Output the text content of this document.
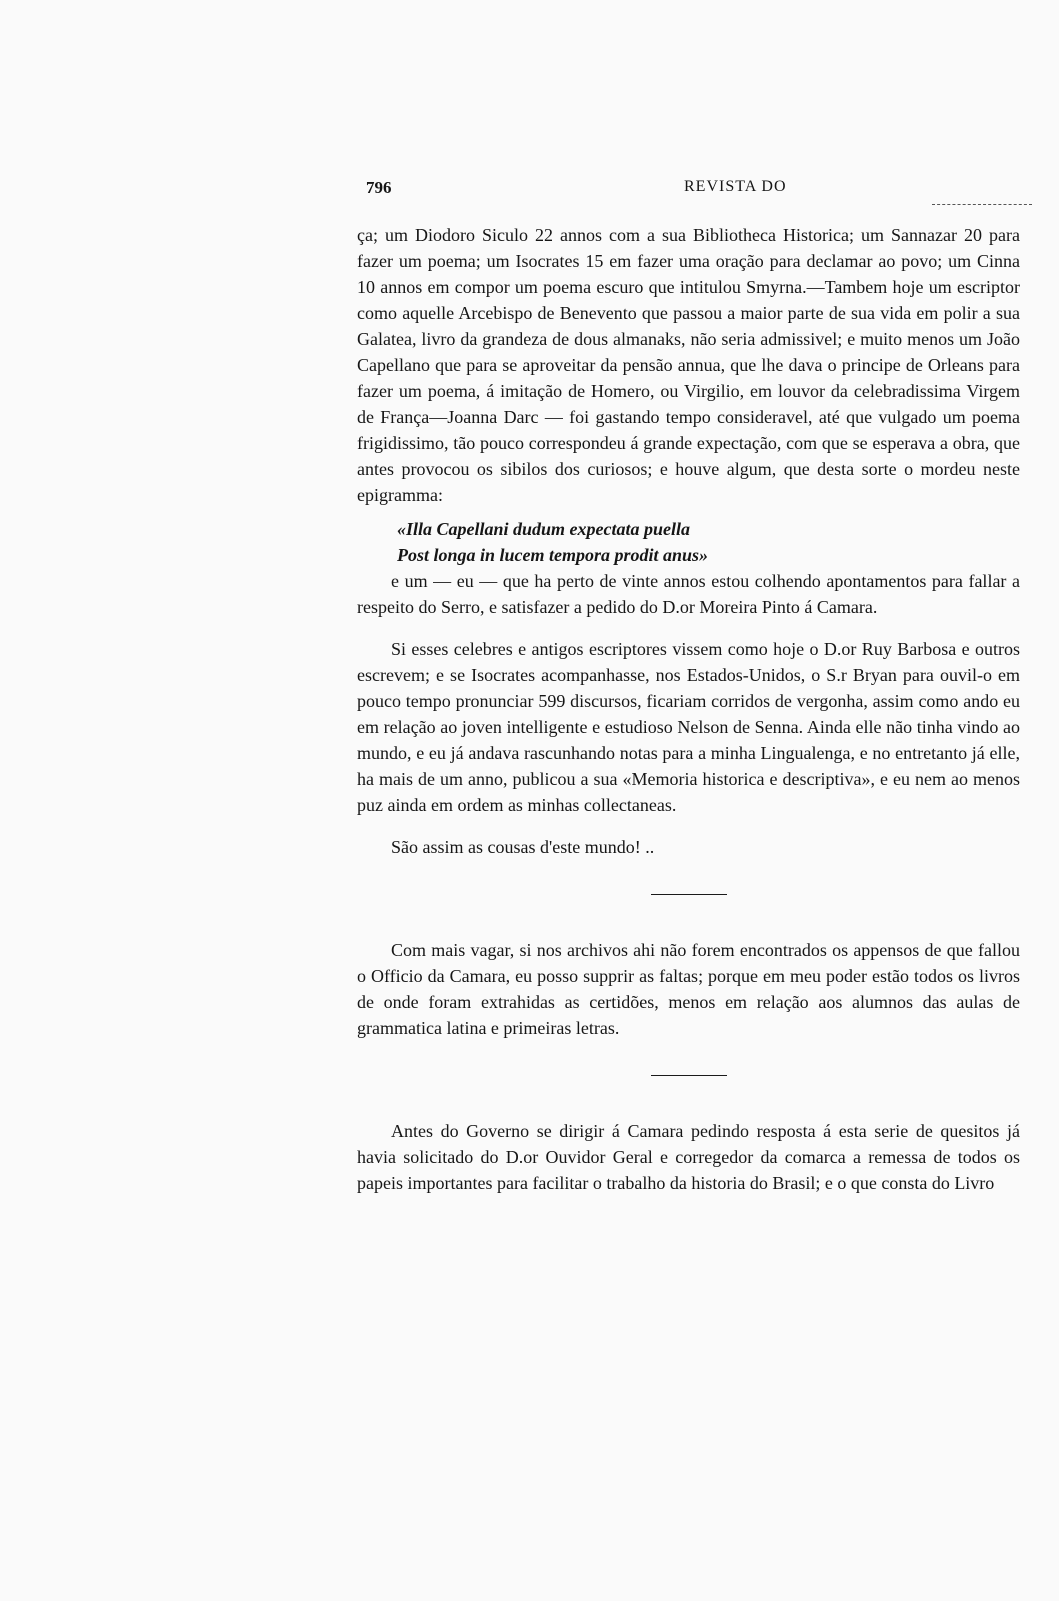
796	REVISTA DO

ça; um Diodoro Siculo 22 annos com a sua Bibliotheca Historica; um Sannazar 20 para fazer um poema; um Isocrates 15 em fazer uma oração para declamar ao povo; um Cinna 10 annos em compor um poema escuro que intitulou Smyrna.—Tambem hoje um escriptor como aquelle Arcebispo de Benevento que passou a maior parte de sua vida em polir a sua Galatea, livro da grandeza de dous almanaks, não seria admissivel; e muito menos um João Capellano que para se aproveitar da pensão annua, que lhe dava o principe de Orleans para fazer um poema, á imitação de Homero, ou Virgilio, em louvor da celebradissima Virgem de França—Joanna Darc — foi gastando tempo consideravel, até que vulgado um poema frigidissimo, tão pouco correspondeu á grande expectação, com que se esperava a obra, que antes provocou os sibilos dos curiosos; e houve algum, que desta sorte o mordeu neste epigramma:

«Illa Capellani dudum expectata puella
Post longa in lucem tempora prodit anus»

e um — eu — que ha perto de vinte annos estou colhendo apontamentos para fallar a respeito do Serro, e satisfazer a pedido do D.or Moreira Pinto á Camara.

Si esses celebres e antigos escriptores vissem como hoje o D.or Ruy Barbosa e outros escrevem; e se Isocrates acompanhasse, nos Estados-Unidos, o S.r Bryan para ouvil-o em pouco tempo pronunciar 599 discursos, ficariam corridos de vergonha, assim como ando eu em relação ao joven intelligente e estudioso Nelson de Senna. Ainda elle não tinha vindo ao mundo, e eu já andava rascunhando notas para a minha Lingualenga, e no entretanto já elle, ha mais de um anno, publicou a sua «Memoria historica e descriptiva», e eu nem ao menos puz ainda em ordem as minhas collectaneas.

São assim as cousas d'este mundo! ..

Com mais vagar, si nos archivos ahi não forem encontrados os appensos de que fallou o Officio da Camara, eu posso supprir as faltas; porque em meu poder estão todos os livros de onde foram extrahidas as certidões, menos em relação aos alumnos das aulas de grammatica latina e primeiras letras.

Antes do Governo se dirigir á Camara pedindo resposta á esta serie de quesitos já havia solicitado do D.or Ouvidor Geral e corregedor da comarca a remessa de todos os papeis importantes para facilitar o trabalho da historia do Brasil; e o que consta do Livro
